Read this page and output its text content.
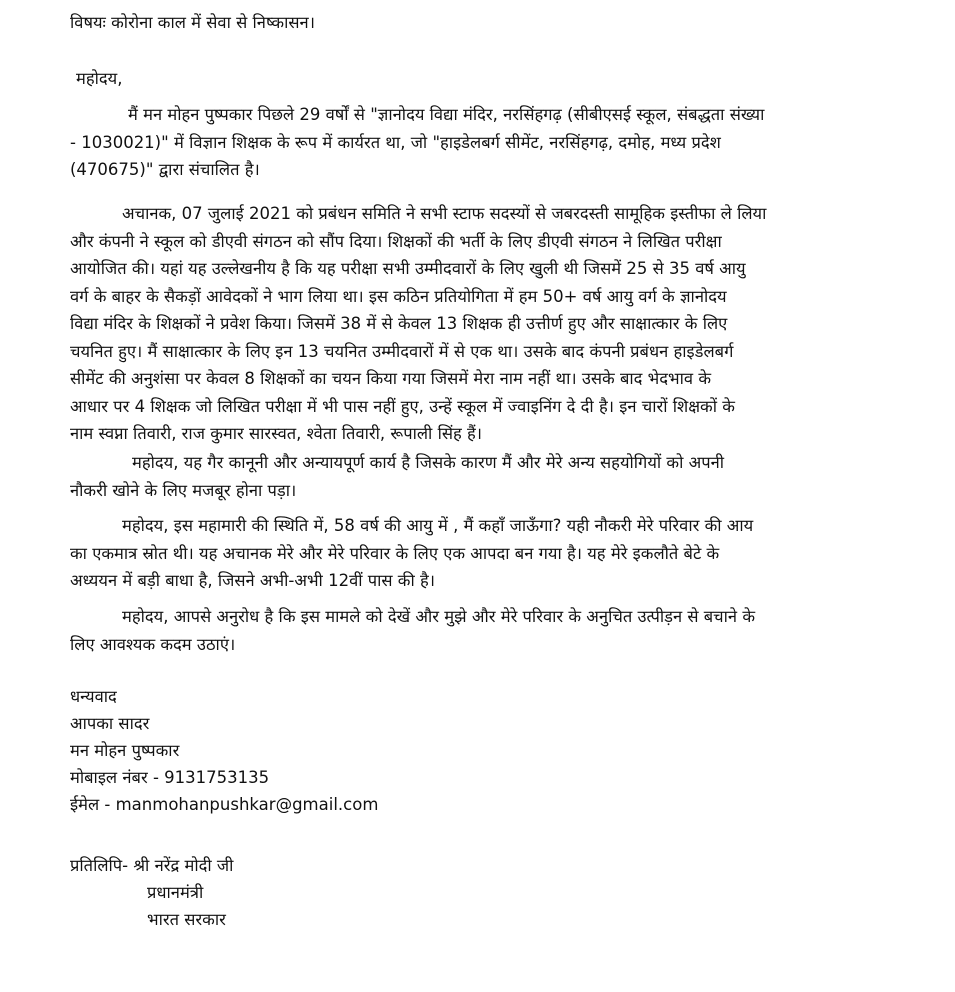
विषयः कोरोना काल में सेवा से निष्कासन।
महोदय,
मैं मन मोहन पुष्पकार पिछले 29 वर्षों से "ज्ञानोदय विद्या मंदिर, नरसिंहगढ़ (सीबीएसई स्कूल, संबद्धता संख्या
- 1030021)" में विज्ञान शिक्षक के रूप में कार्यरत था, जो "हाइडेलबर्ग सीमेंट, नरसिंहगढ़, दमोह, मध्य प्रदेश
(470675)" द्वारा संचालित है।
अचानक, 07 जुलाई 2021 को प्रबंधन समिति ने सभी स्टाफ सदस्यों से जबरदस्ती सामूहिक इस्तीफा ले लिया
और कंपनी ने स्कूल को डीएवी संगठन को सौंप दिया। शिक्षकों की भर्ती के लिए डीएवी संगठन ने लिखित परीक्षा
आयोजित की। यहां यह उल्लेखनीय है कि यह परीक्षा सभी उम्मीदवारों के लिए खुली थी जिसमें 25 से 35 वर्ष आयु
वर्ग के बाहर के सैकड़ों आवेदकों ने भाग लिया था। इस कठिन प्रतियोगिता में हम 50+ वर्ष आयु वर्ग के ज्ञानोदय
विद्या मंदिर के शिक्षकों ने प्रवेश किया। जिसमें 38 में से केवल 13 शिक्षक ही उत्तीर्ण हुए और साक्षात्कार के लिए
चयनित हुए। मैं साक्षात्कार के लिए इन 13 चयनित उम्मीदवारों में से एक था। उसके बाद कंपनी प्रबंधन हाइडेलबर्ग
सीमेंट की अनुशंसा पर केवल 8 शिक्षकों का चयन किया गया जिसमें मेरा नाम नहीं था। उसके बाद भेदभाव के
आधार पर 4 शिक्षक जो लिखित परीक्षा में भी पास नहीं हुए, उन्हें स्कूल में ज्वाइनिंग दे दी है। इन चारों शिक्षकों के
नाम स्वप्ना तिवारी, राज कुमार सारस्वत, श्वेता तिवारी, रूपाली सिंह हैं।
महोदय, यह गैर कानूनी और अन्यायपूर्ण कार्य है जिसके कारण मैं और मेरे अन्य सहयोगियों को अपनी
नौकरी खोने के लिए मजबूर होना पड़ा।
महोदय, इस महामारी की स्थिति में, 58 वर्ष की आयु में , मैं कहाँ जाऊँगा? यही नौकरी मेरे परिवार की आय
का एकमात्र स्रोत थी। यह अचानक मेरे और मेरे परिवार के लिए एक आपदा बन गया है। यह मेरे इकलौते बेटे के
अध्ययन में बड़ी बाधा है, जिसने अभी-अभी 12वीं पास की है।
महोदय, आपसे अनुरोध है कि इस मामले को देखें और मुझे और मेरे परिवार के अनुचित उत्पीड़न से बचाने के
लिए आवश्यक कदम उठाएं।
धन्यवाद
आपका सादर
मन मोहन पुष्पकार
मोबाइल नंबर - 9131753135
ईमेल - manmohanpushkar@gmail.com
प्रतिलिपि- श्री नरेंद्र मोदी जी
प्रधानमंत्री
भारत सरकार
